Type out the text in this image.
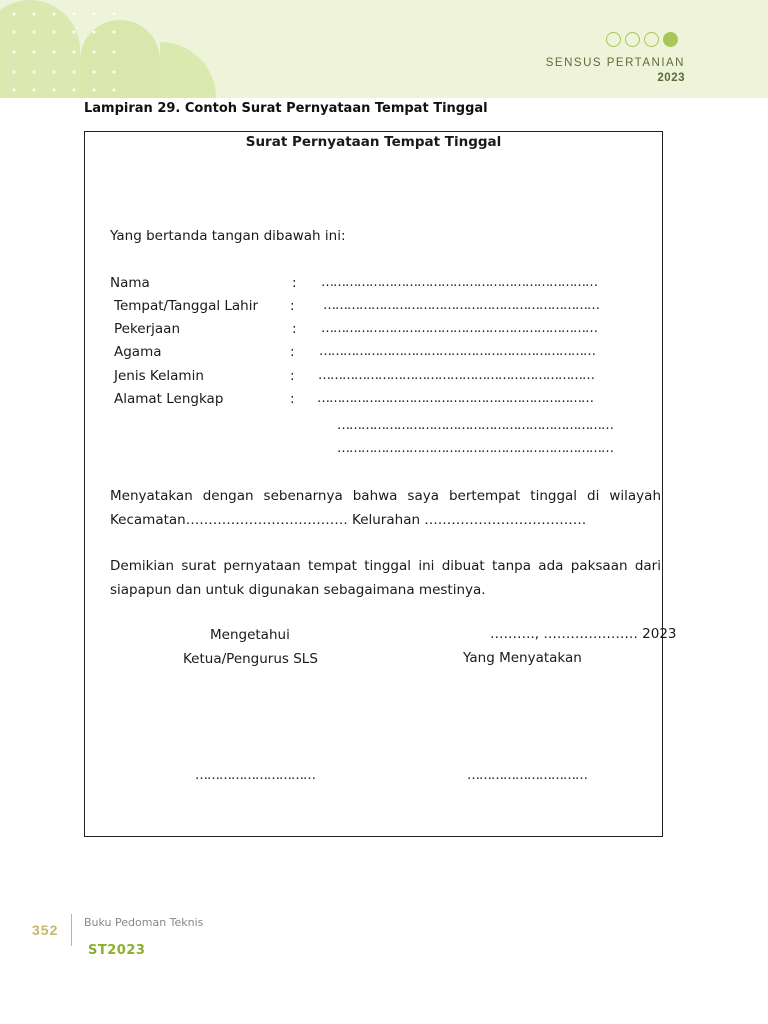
SENSUS PERTANIAN
2023
Lampiran 29. Contoh Surat Pernyataan Tempat Tinggal
Surat Pernyataan Tempat Tinggal
Yang bertanda tangan dibawah ini:
Nama	: ……………………………………………………………
Tempat/Tanggal Lahir : ……………………………………………………………
Pekerjaan	: ……………………………………………………………
Agama	: ……………………………………………………………
Jenis Kelamin	: ……………………………………………………………
Alamat Lengkap	: ……………………………………………………………
……………………………………………………………
……………………………………………………………
Menyatakan dengan sebenarnya bahwa saya bertempat tinggal di wilayah Kecamatan……………………………… Kelurahan ………………………………
Demikian surat pernyataan tempat tinggal ini dibuat tanpa ada paksaan dari siapapun dan untuk digunakan sebagaimana mestinya.
Mengetahui
Ketua/Pengurus SLS
…………………………
………., ………………… 2023
Yang Menyatakan
…………………………
352 Buku Pedoman Teknis
ST2023
